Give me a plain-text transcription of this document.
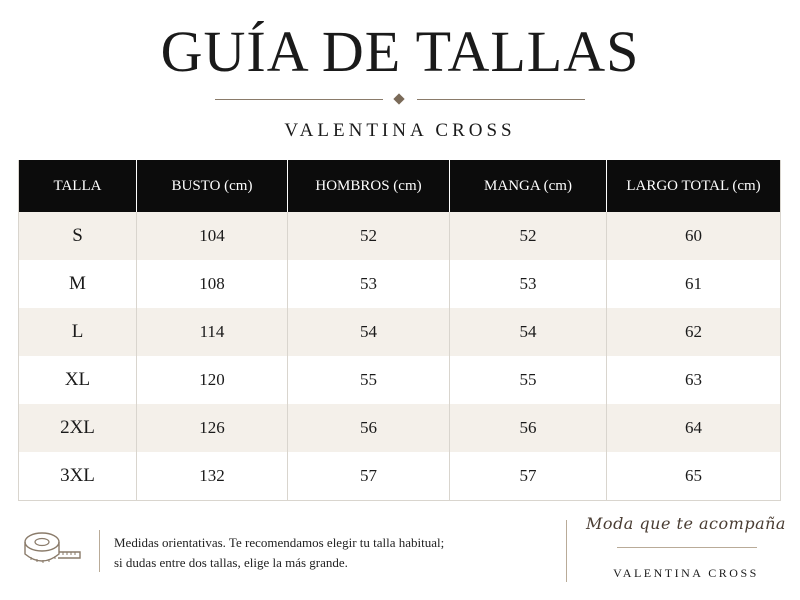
GUÍA DE TALLAS
VALENTINA CROSS
TALLA	BUSTO (cm)	HOMBROS (cm)	MANGA (cm)	LARGO TOTAL (cm)
S	104	52	52	60
M	108	53	53	61
L	114	54	54	62
XL	120	55	55	63
2XL	126	56	56	64
3XL	132	57	57	65
Medidas orientativas. Te recomendamos elegir tu talla habitual;
si dudas entre dos tallas, elige la más grande.
Moda que te acompaña
VALENTINA CROSS
